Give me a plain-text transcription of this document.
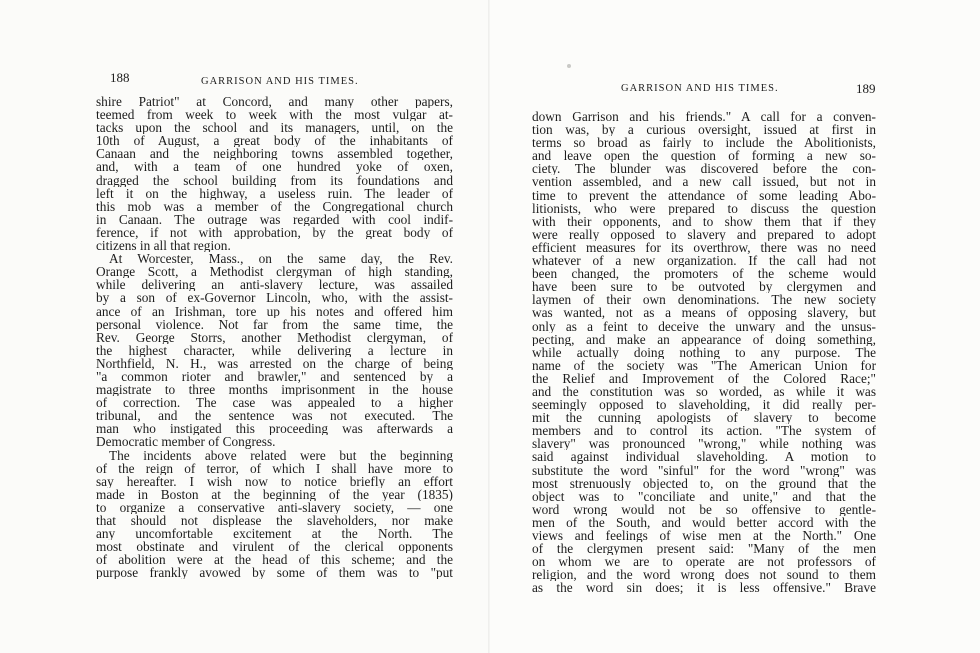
188	GARRISON AND HIS TIMES.
shire Patriot" at Concord, and many other papers,
teemed from week to week with the most vulgar at-
tacks upon the school and its managers, until, on the
10th of August, a great body of the inhabitants of
Canaan and the neighboring towns assembled together,
and, with a team of one hundred yoke of oxen,
dragged the school building from its foundations and
left it on the highway, a useless ruin. The leader of
this mob was a member of the Congregational church
in Canaan. The outrage was regarded with cool indif-
ference, if not with approbation, by the great body of
citizens in all that region.
At Worcester, Mass., on the same day, the Rev.
Orange Scott, a Methodist clergyman of high standing,
while delivering an anti-slavery lecture, was assailed
by a son of ex-Governor Lincoln, who, with the assist-
ance of an Irishman, tore up his notes and offered him
personal violence. Not far from the same time, the
Rev. George Storrs, another Methodist clergyman, of
the highest character, while delivering a lecture in
Northfield, N. H., was arrested on the charge of being
"a common rioter and brawler," and sentenced by a
magistrate to three months imprisonment in the house
of correction. The case was appealed to a higher
tribunal, and the sentence was not executed. The
man who instigated this proceeding was afterwards a
Democratic member of Congress.
The incidents above related were but the beginning
of the reign of terror, of which I shall have more to
say hereafter. I wish now to notice briefly an effort
made in Boston at the beginning of the year (1835)
to organize a conservative anti-slavery society, — one
that should not displease the slaveholders, nor make
any uncomfortable excitement at the North. The
most obstinate and virulent of the clerical opponents
of abolition were at the head of this scheme; and the
purpose frankly avowed by some of them was to "put
GARRISON AND HIS TIMES.	189
down Garrison and his friends." A call for a conven-
tion was, by a curious oversight, issued at first in
terms so broad as fairly to include the Abolitionists,
and leave open the question of forming a new so-
ciety. The blunder was discovered before the con-
vention assembled, and a new call issued, but not in
time to prevent the attendance of some leading Abo-
litionists, who were prepared to discuss the question
with their opponents, and to show them that if they
were really opposed to slavery and prepared to adopt
efficient measures for its overthrow, there was no need
whatever of a new organization. If the call had not
been changed, the promoters of the scheme would
have been sure to be outvoted by clergymen and
laymen of their own denominations. The new society
was wanted, not as a means of opposing slavery, but
only as a feint to deceive the unwary and the unsus-
pecting, and make an appearance of doing something,
while actually doing nothing to any purpose. The
name of the society was "The American Union for
the Relief and Improvement of the Colored Race;"
and the constitution was so worded, as while it was
seemingly opposed to slaveholding, it did really per-
mit the cunning apologists of slavery to become
members and to control its action. "The system of
slavery" was pronounced "wrong," while nothing was
said against individual slaveholding. A motion to
substitute the word "sinful" for the word "wrong" was
most strenuously objected to, on the ground that the
object was to "conciliate and unite," and that the
word wrong would not be so offensive to gentle-
men of the South, and would better accord with the
views and feelings of wise men at the North." One
of the clergymen present said: "Many of the men
on whom we are to operate are not professors of
religion, and the word wrong does not sound to them
as the word sin does; it is less offensive." Brave
